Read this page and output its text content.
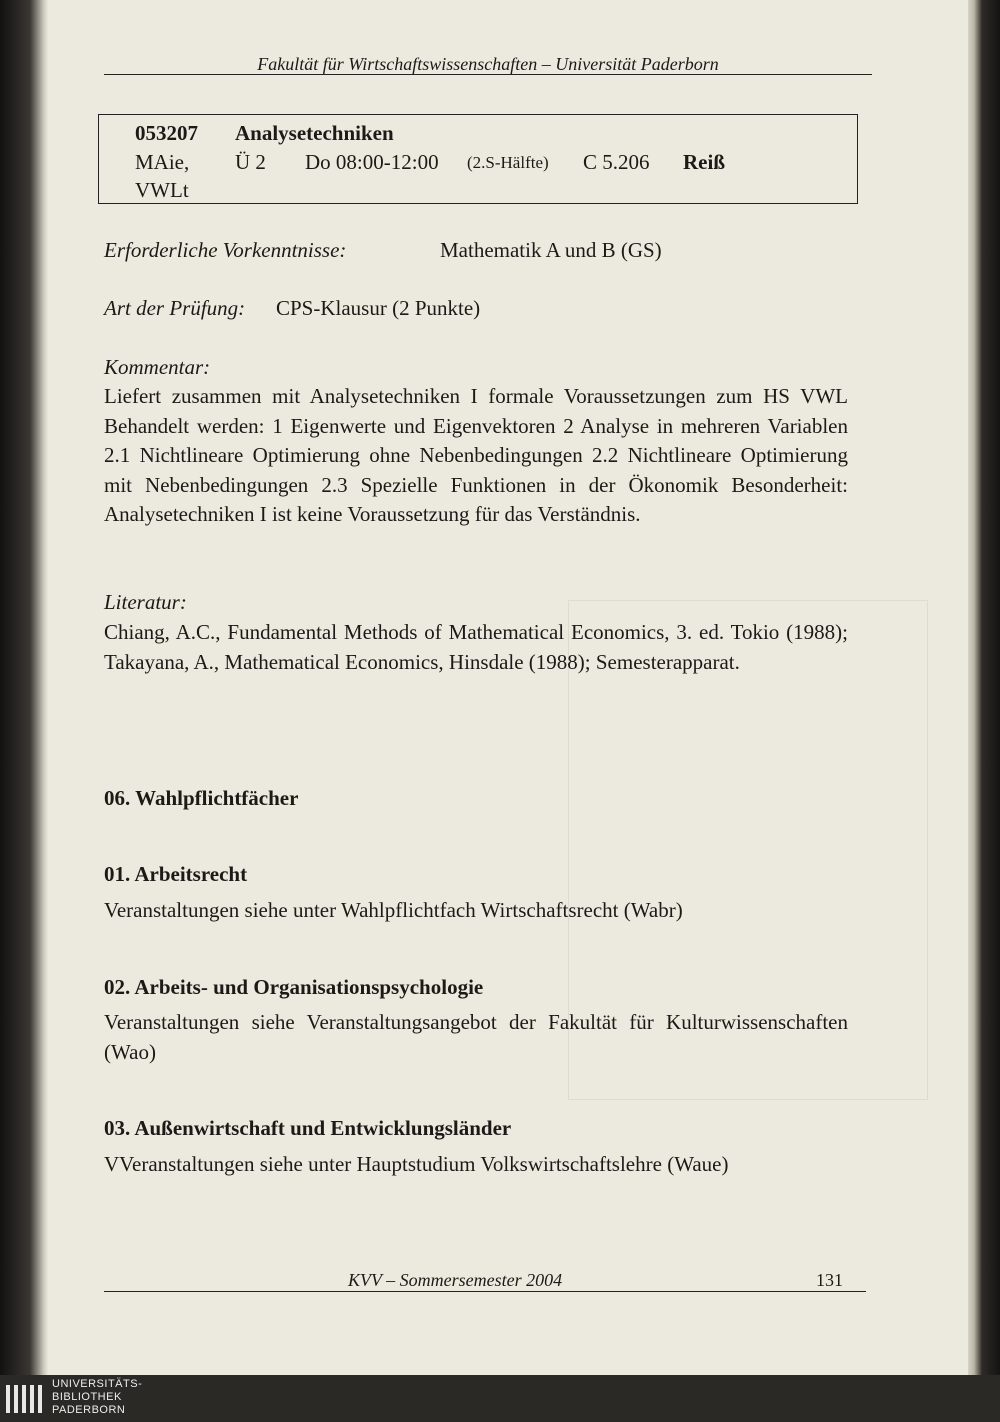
Fakultät für Wirtschaftswissenschaften – Universität Paderborn
053207 Analysetechniken
MAie, Ü 2 Do 08:00-12:00 (2.S-Hälfte) C 5.206 Reiß
VWLt
Erforderliche Vorkenntnisse:	Mathematik A und B (GS)
Art der Prüfung: CPS-Klausur (2 Punkte)
Kommentar:
Liefert zusammen mit Analysetechniken I formale Voraussetzungen zum HS VWL Behandelt werden: 1 Eigenwerte und Eigenvektoren 2 Analyse in mehreren Variablen 2.1 Nichtlineare Optimierung ohne Nebenbedingungen 2.2 Nichtlineare Optimierung mit Nebenbedingungen 2.3 Spezielle Funktionen in der Ökonomik Besonderheit: Analysetechniken I ist keine Voraussetzung für das Verständnis.
Literatur:
Chiang, A.C., Fundamental Methods of Mathematical Economics, 3. ed. Tokio (1988); Takayana, A., Mathematical Economics, Hinsdale (1988); Semesterapparat.
06. Wahlpflichtfächer
01. Arbeitsrecht
Veranstaltungen siehe unter Wahlpflichtfach Wirtschaftsrecht (Wabr)
02. Arbeits- und Organisationspsychologie
Veranstaltungen siehe Veranstaltungsangebot der Fakultät für Kulturwissenschaften (Wao)
03. Außenwirtschaft und Entwicklungsländer
VVeranstaltungen siehe unter Hauptstudium Volkswirtschaftslehre (Waue)
KVV – Sommersemester 2004	131
UNIVERSITÄTS-
BIBLIOTHEK
PADERBORN
